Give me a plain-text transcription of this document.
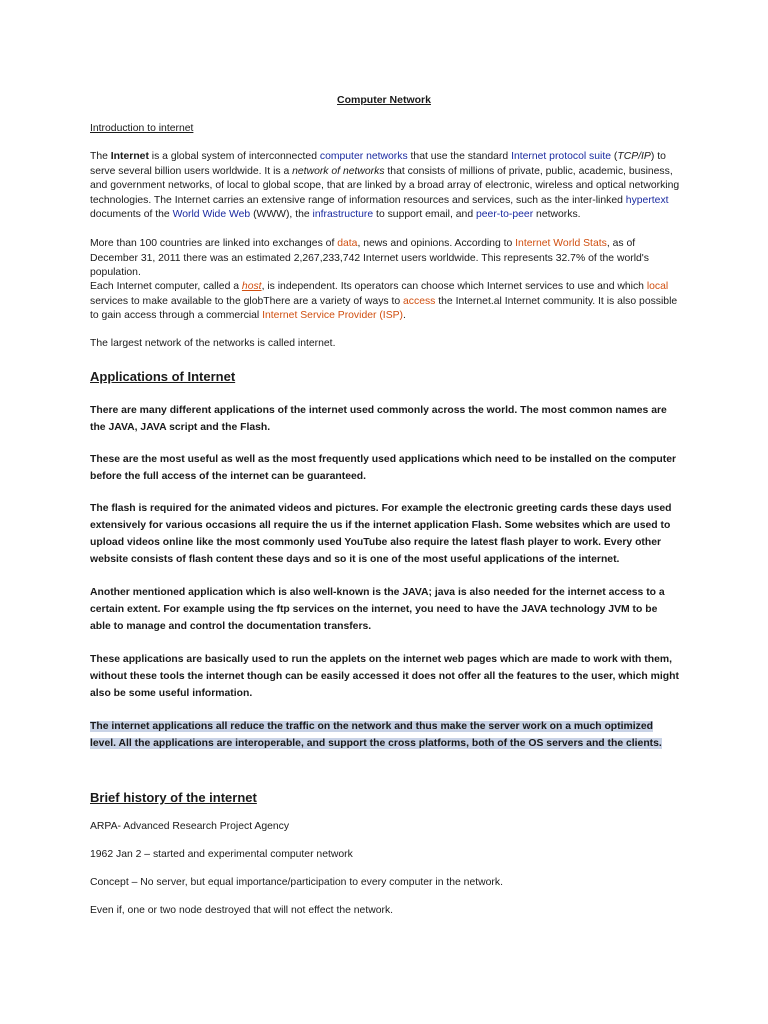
Computer Network

Introduction to internet

The Internet is a global system of interconnected computer networks that use the standard Internet protocol suite (TCP/IP) to serve several billion users worldwide. It is a network of networks that consists of millions of private, public, academic, business, and government networks, of local to global scope, that are linked by a broad array of electronic, wireless and optical networking technologies. The Internet carries an extensive range of information resources and services, such as the inter-linked hypertext documents of the World Wide Web (WWW), the infrastructure to support email, and peer-to-peer networks.

More than 100 countries are linked into exchanges of data, news and opinions. According to Internet World Stats, as of December 31, 2011 there was an estimated 2,267,233,742 Internet users worldwide. This represents 32.7% of the world's population.

Each Internet computer, called a host, is independent. Its operators can choose which Internet services to use and which local services to make available to the globThere are a variety of ways to access the Internet.al Internet community. It is also possible to gain access through a commercial Internet Service Provider (ISP).

The largest network of the networks is called internet.

Applications of Internet

There are many different applications of the internet used commonly across the world. The most common names are the JAVA, JAVA script and the Flash.

These are the most useful as well as the most frequently used applications which need to be installed on the computer before the full access of the internet can be guaranteed.

The flash is required for the animated videos and pictures. For example the electronic greeting cards these days used extensively for various occasions all require the us if the internet application Flash. Some websites which are used to upload videos online like the most commonly used YouTube also require the latest flash player to work. Every other website consists of flash content these days and so it is one of the most useful applications of the internet.

Another mentioned application which is also well-known is the JAVA; java is also needed for the internet access to a certain extent. For example using the ftp services on the internet, you need to have the JAVA technology JVM to be able to manage and control the documentation transfers.

These applications are basically used to run the applets on the internet web pages which are made to work with them, without these tools the internet though can be easily accessed it does not offer all the features to the user, which might also be some useful information.

The internet applications all reduce the traffic on the network and thus make the server work on a much optimized level. All the applications are interoperable, and support the cross platforms, both of the OS servers and the clients.

Brief history of the internet

ARPA- Advanced Research Project Agency

1962 Jan 2 – started and experimental computer network

Concept – No server, but equal importance/participation to every computer in the network.

Even if, one or two node destroyed that will not effect the network.
